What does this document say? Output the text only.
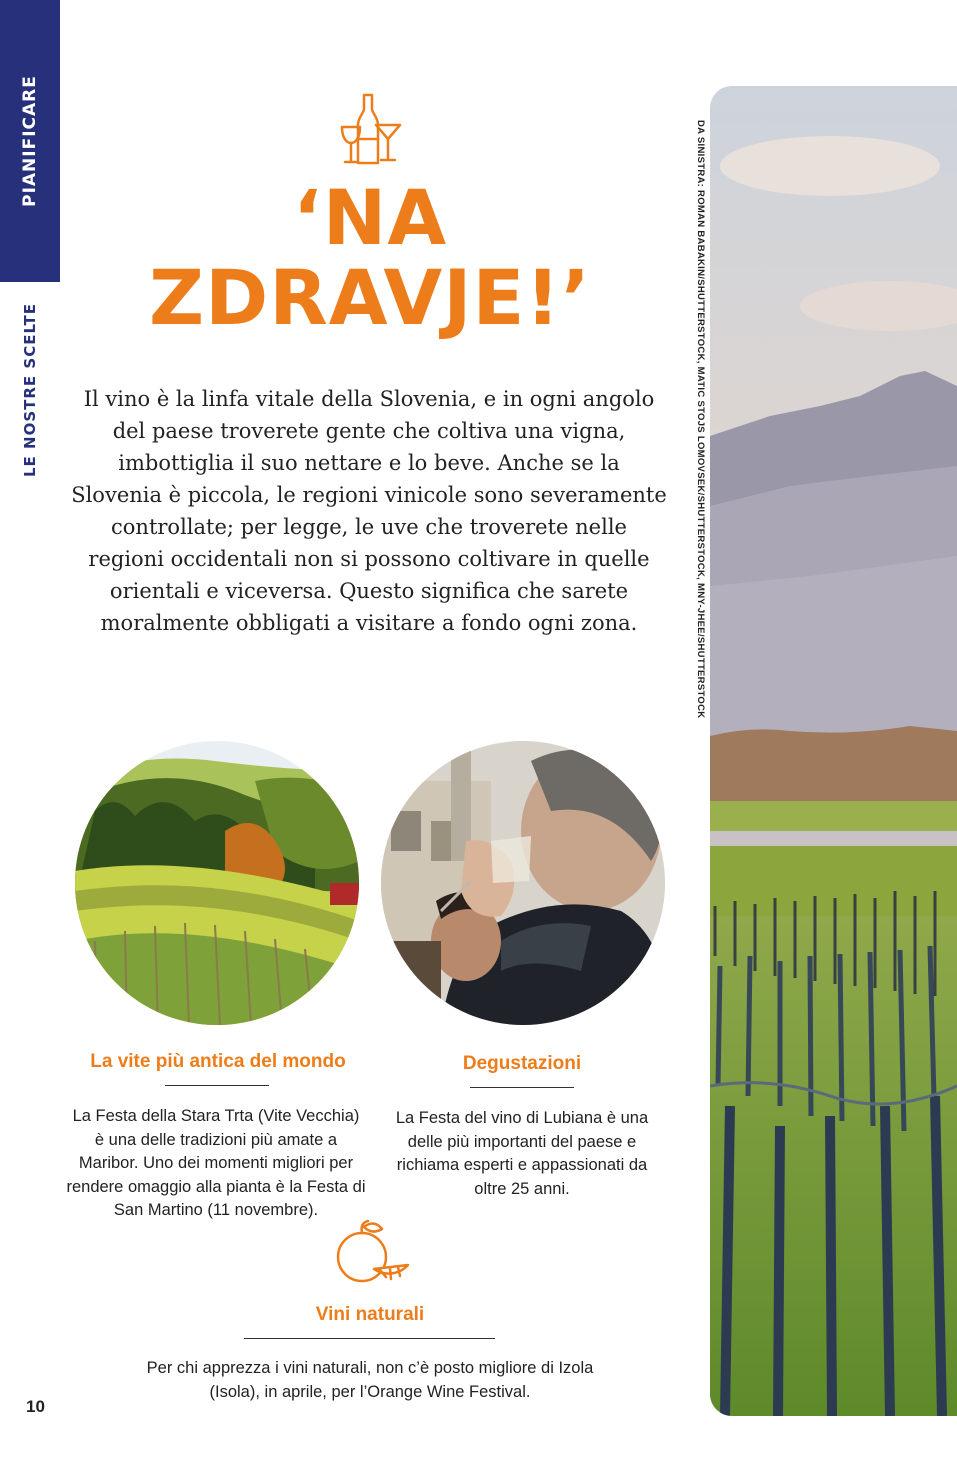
PIANIFICARE
LE NOSTRE SCELTE
10
‘NA
ZDRAVJE!’
Il vino è la linfa vitale della Slovenia, e in ogni angolo del paese troverete gente che coltiva una vigna, imbottiglia il suo nettare e lo beve. Anche se la Slovenia è piccola, le regioni vinicole sono severamente controllate; per legge, le uve che troverete nelle regioni occidentali non si possono coltivare in quelle orientali e viceversa. Questo significa che sarete moralmente obbligati a visitare a fondo ogni zona.
La vite più antica del mondo
La Festa della Stara Trta (Vite Vecchia) è una delle tradizioni più amate a Maribor. Uno dei momenti migliori per rendere omaggio alla pianta è la Festa di San Martino (11 novembre).
Degustazioni
La Festa del vino di Lubiana è una delle più importanti del paese e richiama esperti e appassionati da oltre 25 anni.
Vini naturali
Per chi apprezza i vini naturali, non c’è posto migliore di Izola (Isola), in aprile, per l’Orange Wine Festival.
DA SINISTRA: ROMAN BABAKIN/SHUTTERSTOCK, MATIC STOJS LOMOVSEK/SHUTTERSTOCK, MNY-JHEE/SHUTTERSTOCK
